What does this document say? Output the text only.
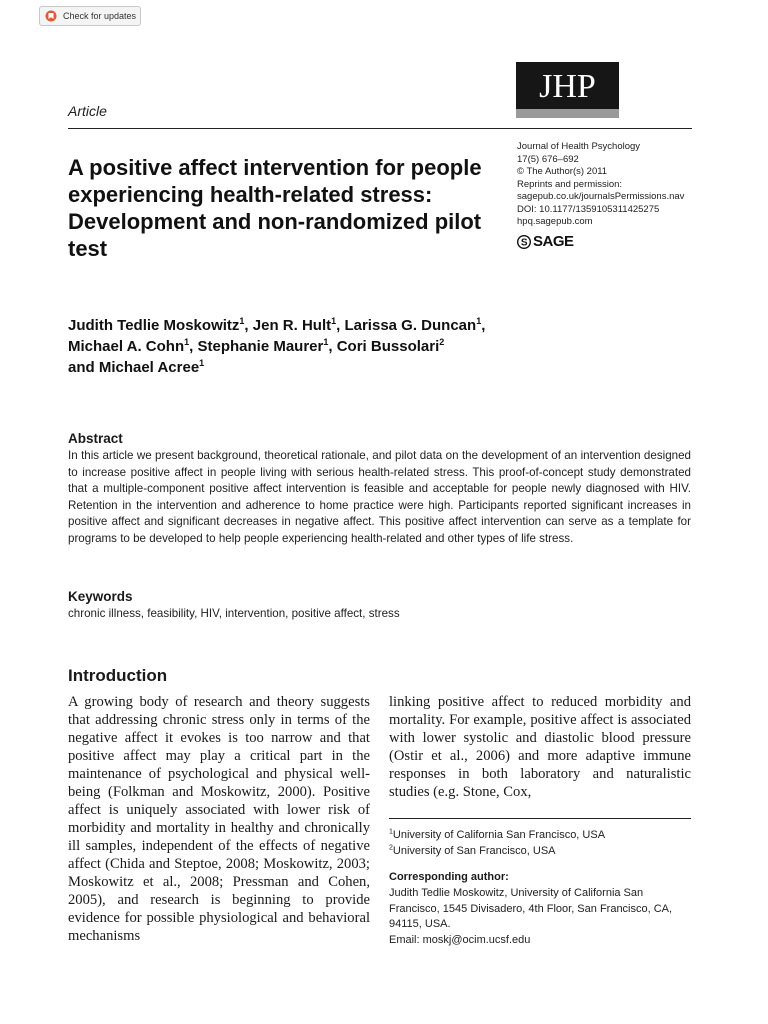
Check for updates
JHP
Article
A positive affect intervention for people experiencing health-related stress: Development and non-randomized pilot test
Journal of Health Psychology
17(5) 676–692
© The Author(s) 2011
Reprints and permission:
sagepub.co.uk/journalsPermissions.nav
DOI: 10.1177/1359105311425275
hpq.sagepub.com
S SAGE
Judith Tedlie Moskowitz$^1$, Jen R. Hult$^1$, Larissa G. Duncan$^1$,
Michael A. Cohn$^1$, Stephanie Maurer$^1$, Cori Bussolari$^2$
and Michael Acree$^1$
Abstract

In this article we present background, theoretical rationale, and pilot data on the development of an intervention designed to increase positive affect in people living with serious health-related stress. This proof-of-concept study demonstrated that a multiple-component positive affect intervention is feasible and acceptable for people newly diagnosed with HIV. Retention in the intervention and adherence to home practice were high. Participants reported significant increases in positive affect and significant decreases in negative affect. This positive affect intervention can serve as a template for programs to be developed to help people experiencing health-related and other types of life stress.

Keywords
chronic illness, feasibility, HIV, intervention, positive affect, stress
Introduction

A growing body of research and theory suggests that addressing chronic stress only in terms of the negative affect it evokes is too narrow and that positive affect may play a critical part in the maintenance of psychological and physical well-being (Folkman and Moskowitz, 2000). Positive affect is uniquely associated with lower risk of morbidity and mortality in healthy and chronically ill samples, independent of the effects of negative affect (Chida and Steptoe, 2008; Moskowitz, 2003; Moskowitz et al., 2008; Pressman and Cohen, 2005), and research is beginning to provide evidence for possible physiological and behavioral mechanisms

linking positive affect to reduced morbidity and mortality. For example, positive affect is associated with lower systolic and diastolic blood pressure (Ostir et al., 2006) and more adaptive immune responses in both laboratory and naturalistic studies (e.g. Stone, Cox,

$^1$University of California San Francisco, USA
$^2$University of San Francisco, USA
Corresponding author:
Judith Tedlie Moskowitz, University of California San Francisco, 1545 Divisadero, 4th Floor, San Francisco, CA, 94115, USA.
Email: moskj@ocim.ucsf.edu
